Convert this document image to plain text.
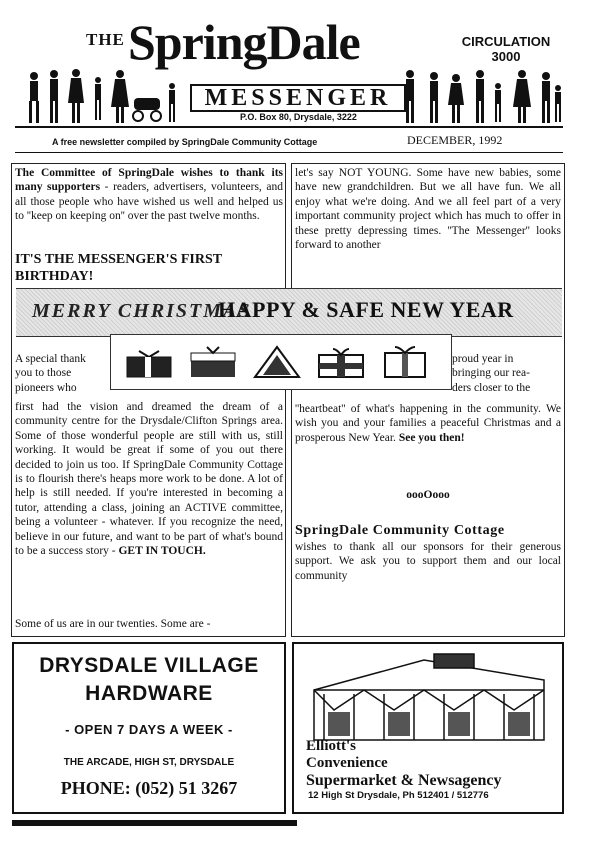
THE SpringDale	CIRCULATION
3000
MESSENGER
P.O. Box 80, Drysdale, 3222
A free newsletter compiled by SpringDale Community Cottage	DECEMBER, 1992
The Committee of SpringDale wishes to thank its many supporters - readers, advertisers, volunteers, and all those people who have wished us well and helped us to ''keep on keeping on'' over the past twelve months.
IT'S THE MESSENGER'S FIRST BIRTHDAY!
let's say NOT YOUNG. Some have new babies, some have new grandchildren. But we all have fun. We all enjoy what we're doing. And we all feel part of a very important community project which has much to offer in these pretty depressing times. ''The Messenger'' looks forward to another
MERRY CHRISTMAS
HAPPY & SAFE NEW YEAR
A special thank
you to those
pioneers who
first had the vision and dreamed the dream of a community centre for the Drysdale/Clifton Springs area. Some of those wonderful people are still with us, still working. It would be great if some of you out there decided to join us too. If SpringDale Community Cottage is to flourish there's heaps more work to be done. A lot of help is still needed. If you're interested in becoming a tutor, attending a class, joining an ACTIVE committee, being a volunteer - whatever. If you recognize the need, believe in our future, and want to be part of what's bound to be a success story - GET IN TOUCH.
Some of us are in our twenties. Some are -
proud year in
bringing our rea-
ders closer to the
''heartbeat'' of what's happening in the community. We wish you and your families a peaceful Christmas and a prosperous New Year. See you then!
oooOooo
SpringDale Community Cottage
wishes to thank all our sponsors for their generous support. We ask you to support them and our local community
DRYSDALE VILLAGE
HARDWARE
- OPEN 7 DAYS A WEEK -
THE ARCADE, HIGH ST, DRYSDALE
PHONE: (052) 51 3267
Elliott's
Convenience
Supermarket & Newsagency
12 High St Drysdale, Ph 512401 / 512776
